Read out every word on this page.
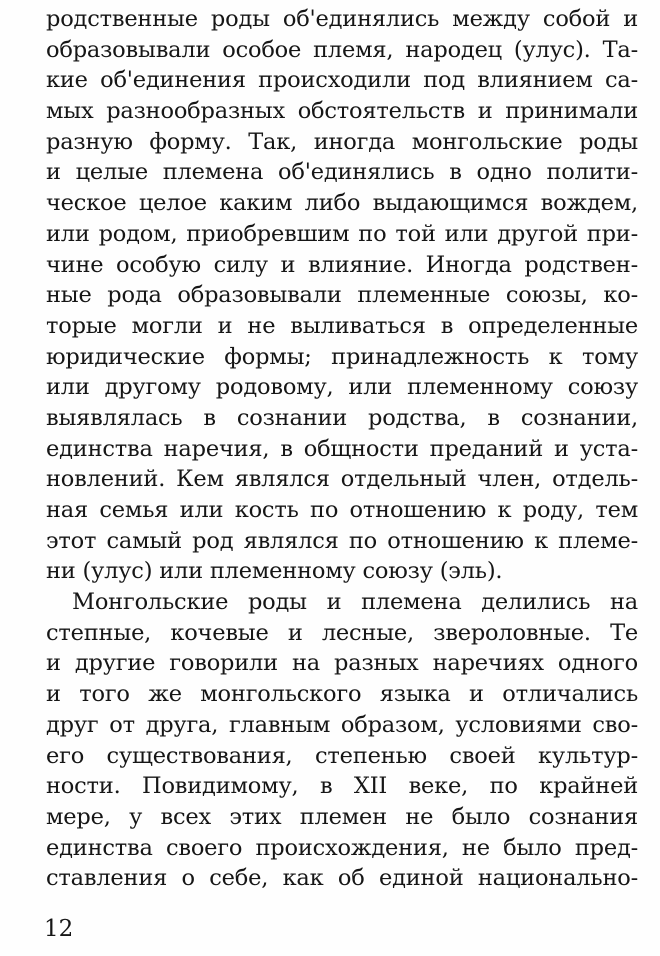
родственные роды об'единялись между собой и
образовывали особое племя, народец (улус). Та-
кие об'единения происходили под влиянием са-
мых разнообразных обстоятельств и принимали
разную форму. Так, иногда монгольские роды
и целые племена об'единялись в одно полити-
ческое целое каким либо выдающимся вождем,
или родом, приобревшим по той или другой при-
чине особую силу и влияние. Иногда родствен-
ные рода образовывали племенные союзы, ко-
торые могли и не выливаться в определенные
юридические формы; принадлежность к тому
или другому родовому, или племенному союзу
выявлялась в сознании родства, в сознании,
единства наречия, в общности преданий и уста-
новлений. Кем являлся отдельный член, отдель-
ная семья или кость по отношению к роду, тем
этот самый род являлся по отношению к племе-
ни (улус) или племенному союзу (эль).
Монгольские роды и племена делились на
степные, кочевые и лесные, звероловные. Те
и другие говорили на разных наречиях одного
и того же монгольского языка и отличались
друг от друга, главным образом, условиями сво-
его существования, степенью своей культур-
ности. Повидимому, в XII веке, по крайней
мере, у всех этих племен не было сознания
единства своего происхождения, не было пред-
ставления о себе, как об единой национально-
12
